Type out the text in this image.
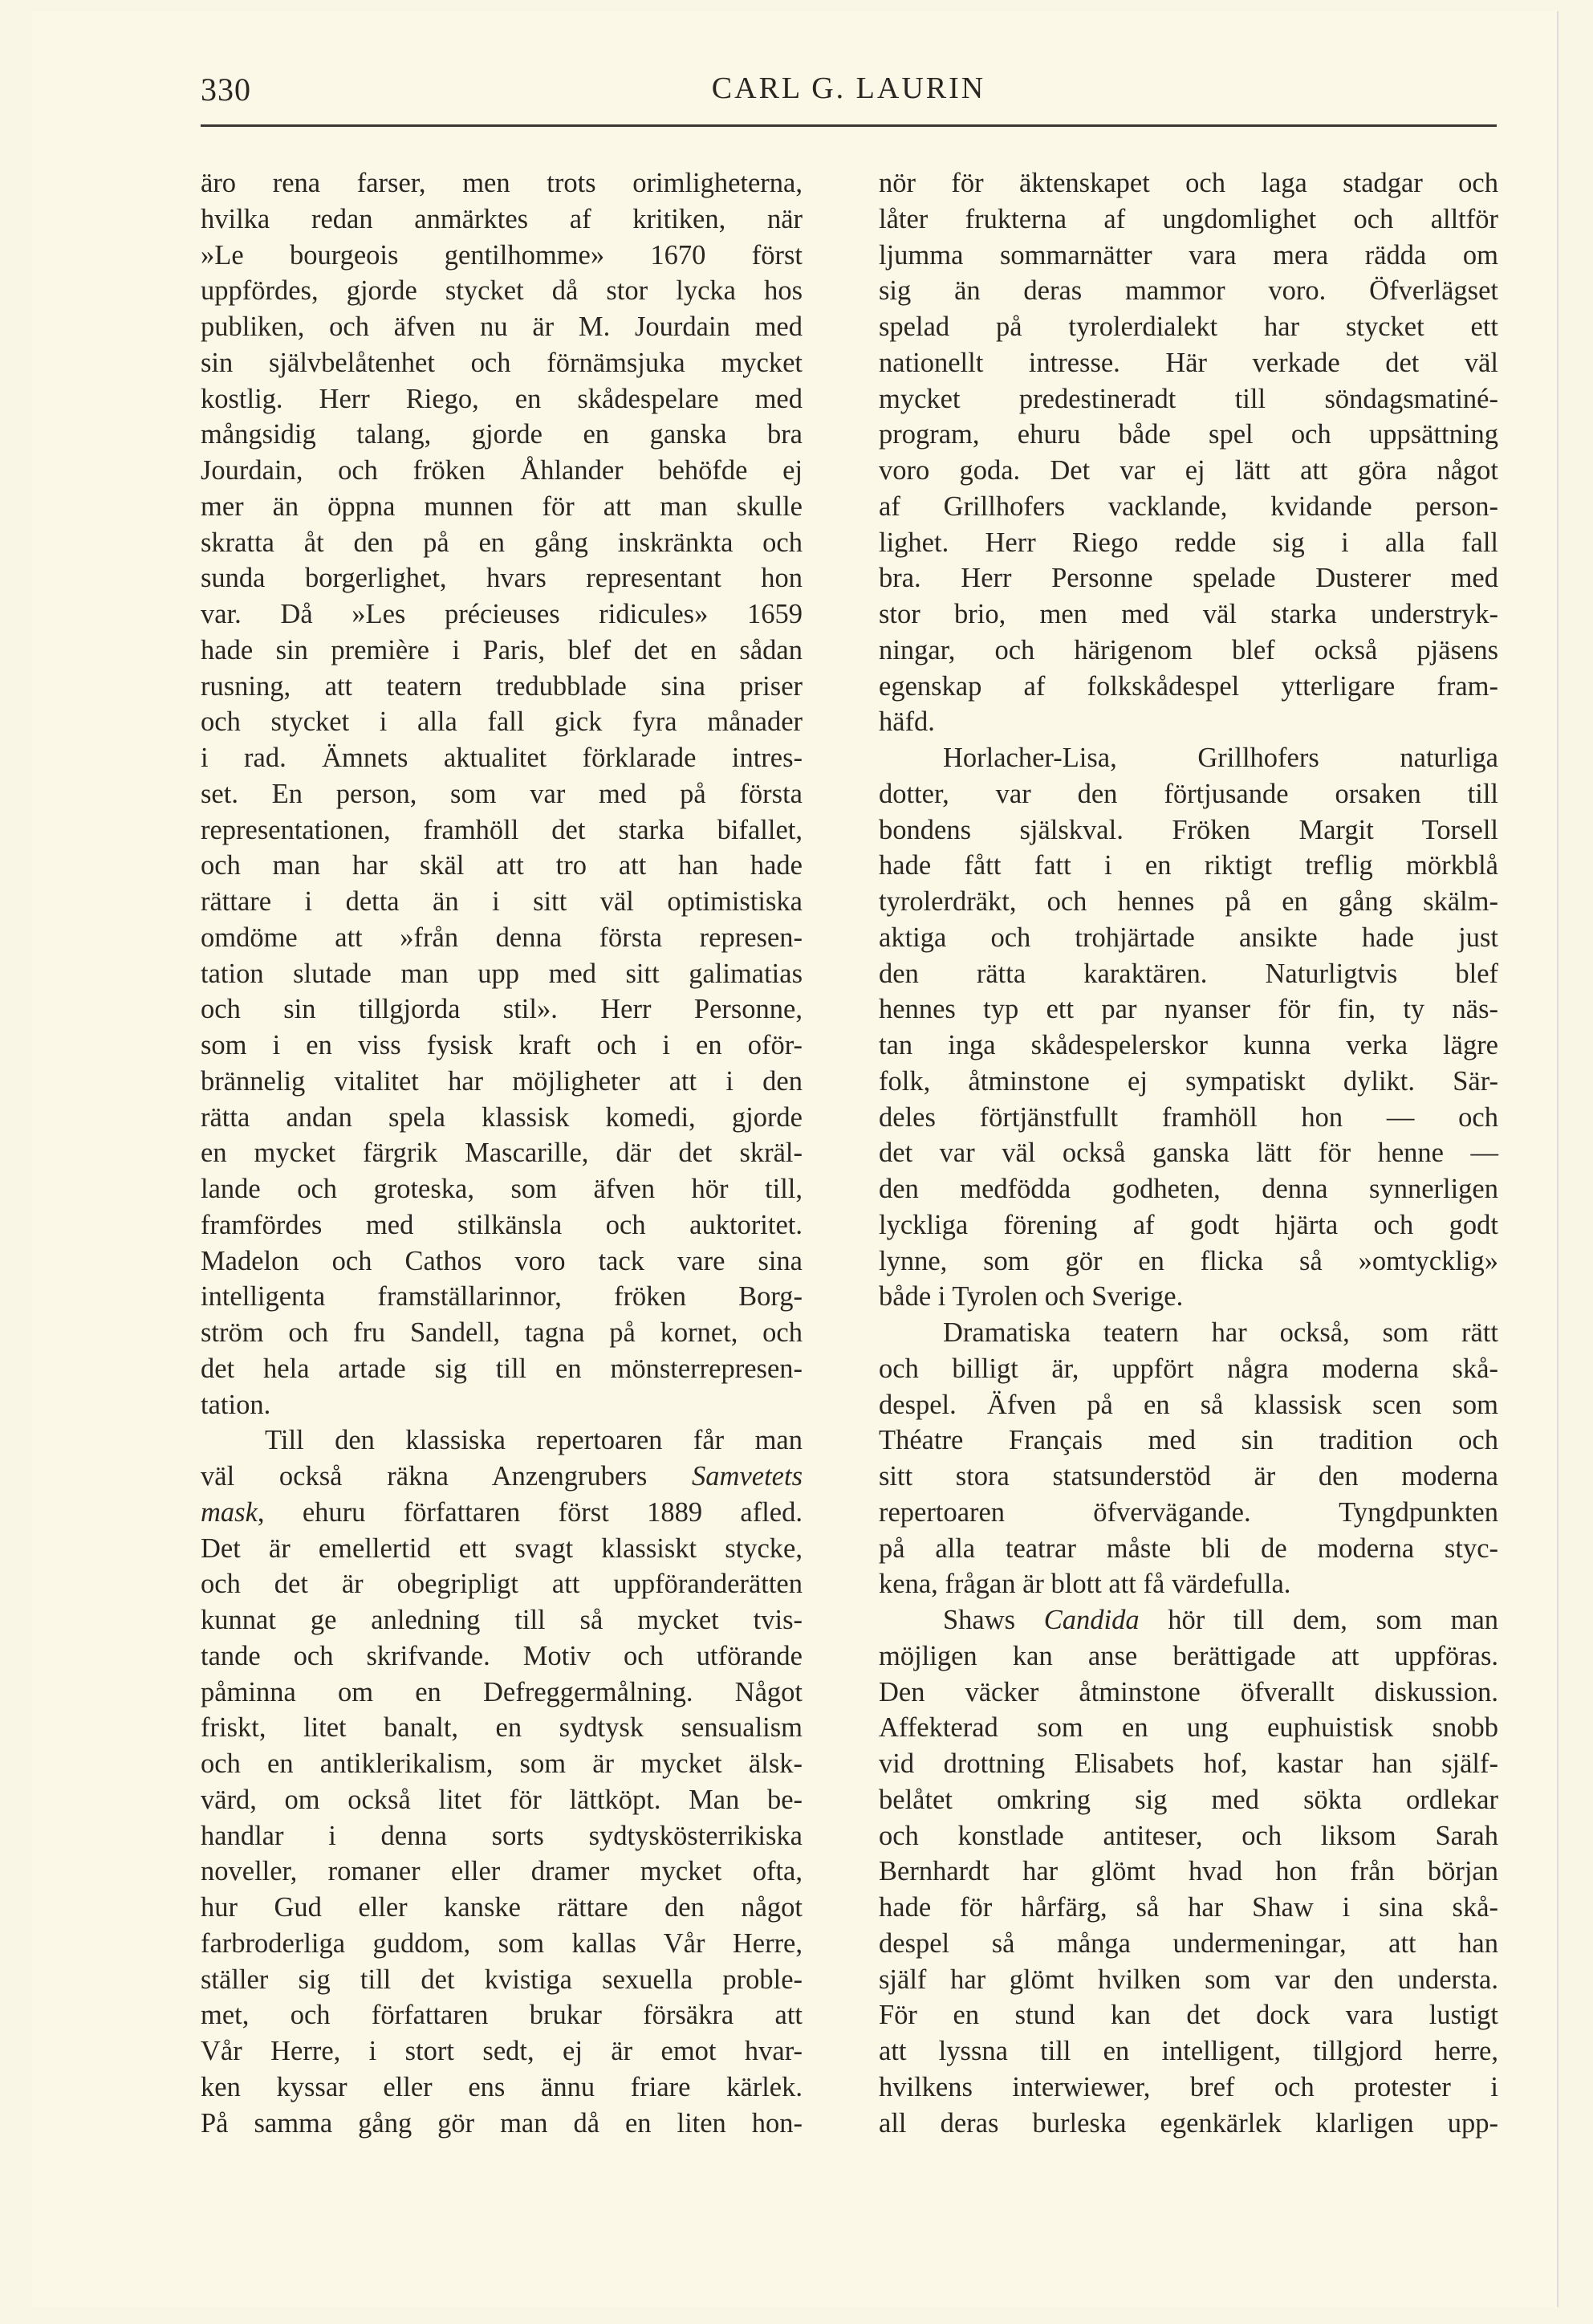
330	CARL G. LAURIN
äro rena farser, men trots orimligheterna,
hvilka redan anmärktes af kritiken, när
»Le bourgeois gentilhomme» 1670 först
uppfördes, gjorde stycket då stor lycka hos
publiken, och äfven nu är M. Jourdain med
sin självbelåtenhet och förnämsjuka mycket
kostlig. Herr Riego, en skådespelare med
mångsidig talang, gjorde en ganska bra
Jourdain, och fröken Åhlander behöfde ej
mer än öppna munnen för att man skulle
skratta åt den på en gång inskränkta och
sunda borgerlighet, hvars representant hon
var. Då »Les précieuses ridicules» 1659
hade sin première i Paris, blef det en sådan
rusning, att teatern tredubblade sina priser
och stycket i alla fall gick fyra månader
i rad. Ämnets aktualitet förklarade intres-
set. En person, som var med på första
representationen, framhöll det starka bifallet,
och man har skäl att tro att han hade
rättare i detta än i sitt väl optimistiska
omdöme att »från denna första represen-
tation slutade man upp med sitt galimatias
och sin tillgjorda stil». Herr Personne,
som i en viss fysisk kraft och i en oför-
brännelig vitalitet har möjligheter att i den
rätta andan spela klassisk komedi, gjorde
en mycket färgrik Mascarille, där det skräl-
lande och groteska, som äfven hör till,
framfördes med stilkänsla och auktoritet.
Madelon och Cathos voro tack vare sina
intelligenta framställarinnor, fröken Borg-
ström och fru Sandell, tagna på kornet, och
det hela artade sig till en mönsterrepresen-
tation.
Till den klassiska repertoaren får man
väl också räkna Anzengrubers Samvetets
mask, ehuru författaren först 1889 afled.
Det är emellertid ett svagt klassiskt stycke,
och det är obegripligt att uppföranderätten
kunnat ge anledning till så mycket tvis-
tande och skrifvande. Motiv och utförande
påminna om en Defreggermålning. Något
friskt, litet banalt, en sydtysk sensualism
och en antiklerikalism, som är mycket älsk-
värd, om också litet för lättköpt. Man be-
handlar i denna sorts sydtyskösterrikiska
noveller, romaner eller dramer mycket ofta,
hur Gud eller kanske rättare den något
farbroderliga guddom, som kallas Vår Herre,
ställer sig till det kvistiga sexuella proble-
met, och författaren brukar försäkra att
Vår Herre, i stort sedt, ej är emot hvar-
ken kyssar eller ens ännu friare kärlek.
På samma gång gör man då en liten hon-
nör för äktenskapet och laga stadgar och
låter frukterna af ungdomlighet och alltför
ljumma sommarnätter vara mera rädda om
sig än deras mammor voro. Öfverlägset
spelad på tyrolerdialekt har stycket ett
nationellt intresse. Här verkade det väl
mycket predestineradt till söndagsmatiné-
program, ehuru både spel och uppsättning
voro goda. Det var ej lätt att göra något
af Grillhofers vacklande, kvidande person-
lighet. Herr Riego redde sig i alla fall
bra. Herr Personne spelade Dusterer med
stor brio, men med väl starka understryk-
ningar, och härigenom blef också pjäsens
egenskap af folkskådespel ytterligare fram-
häfd.
Horlacher-Lisa, Grillhofers naturliga
dotter, var den förtjusande orsaken till
bondens själskval. Fröken Margit Torsell
hade fått fatt i en riktigt treflig mörkblå
tyrolerdräkt, och hennes på en gång skälm-
aktiga och trohjärtade ansikte hade just
den rätta karaktären. Naturligtvis blef
hennes typ ett par nyanser för fin, ty näs-
tan inga skådespelerskor kunna verka lägre
folk, åtminstone ej sympatiskt dylikt. Sär-
deles förtjänstfullt framhöll hon — och
det var väl också ganska lätt för henne —
den medfödda godheten, denna synnerligen
lyckliga förening af godt hjärta och godt
lynne, som gör en flicka så »omtycklig»
både i Tyrolen och Sverige.
Dramatiska teatern har också, som rätt
och billigt är, uppfört några moderna skå-
despel. Äfven på en så klassisk scen som
Théatre Français med sin tradition och
sitt stora statsunderstöd är den moderna
repertoaren öfvervägande. Tyngdpunkten
på alla teatrar måste bli de moderna styc-
kena, frågan är blott att få värdefulla.
Shaws Candida hör till dem, som man
möjligen kan anse berättigade att uppföras.
Den väcker åtminstone öfverallt diskussion.
Affekterad som en ung euphuistisk snobb
vid drottning Elisabets hof, kastar han själf-
belåtet omkring sig med sökta ordlekar
och konstlade antiteser, och liksom Sarah
Bernhardt har glömt hvad hon från början
hade för hårfärg, så har Shaw i sina skå-
despel så många undermeningar, att han
själf har glömt hvilken som var den understa.
För en stund kan det dock vara lustigt
att lyssna till en intelligent, tillgjord herre,
hvilkens interwiewer, bref och protester i
all deras burleska egenkärlek klarligen upp-
